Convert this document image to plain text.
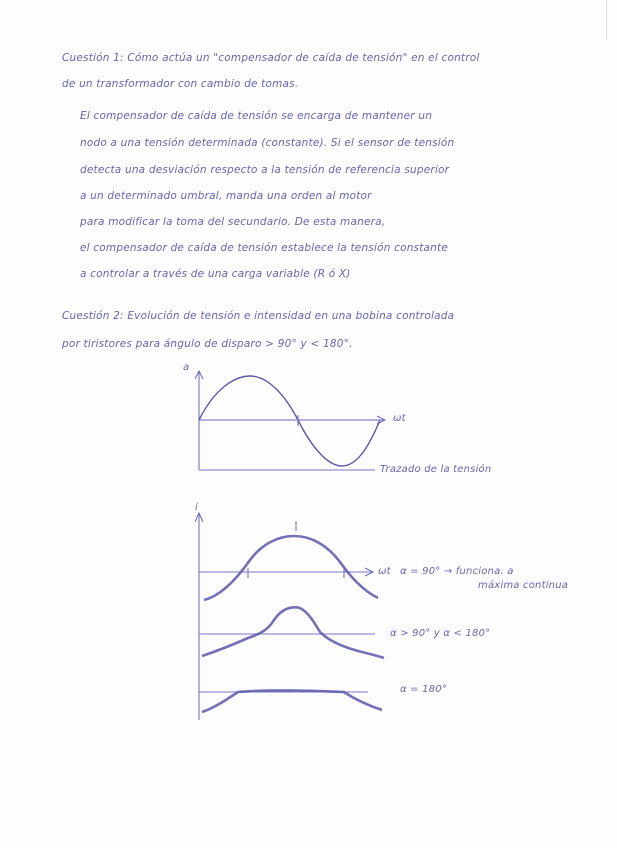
Cuestión 1: Cómo actúa un "compensador de caída de tensión" en el control
de un transformador con cambio de tomas.
El compensador de caída de tensión se encarga de mantener un
nodo a una tensión determinada (constante). Si el sensor de tensión
detecta una desviación respecto a la tensión de referencia superior
a un determinado umbral, manda una orden al motor
para modificar la toma del secundario. De esta manera,
el compensador de caída de tensión establece la tensión constante
a controlar a través de una carga variable (R ó X)
Cuestión 2: Evolución de tensión e intensidad en una bobina controlada
por tiristores para ángulo de disparo > 90° y < 180°.
a
ωt
Trazado de la tensión
i
ωt α = 90° → funciona. a
máxima continua
α > 90° y α < 180°
α = 180°
